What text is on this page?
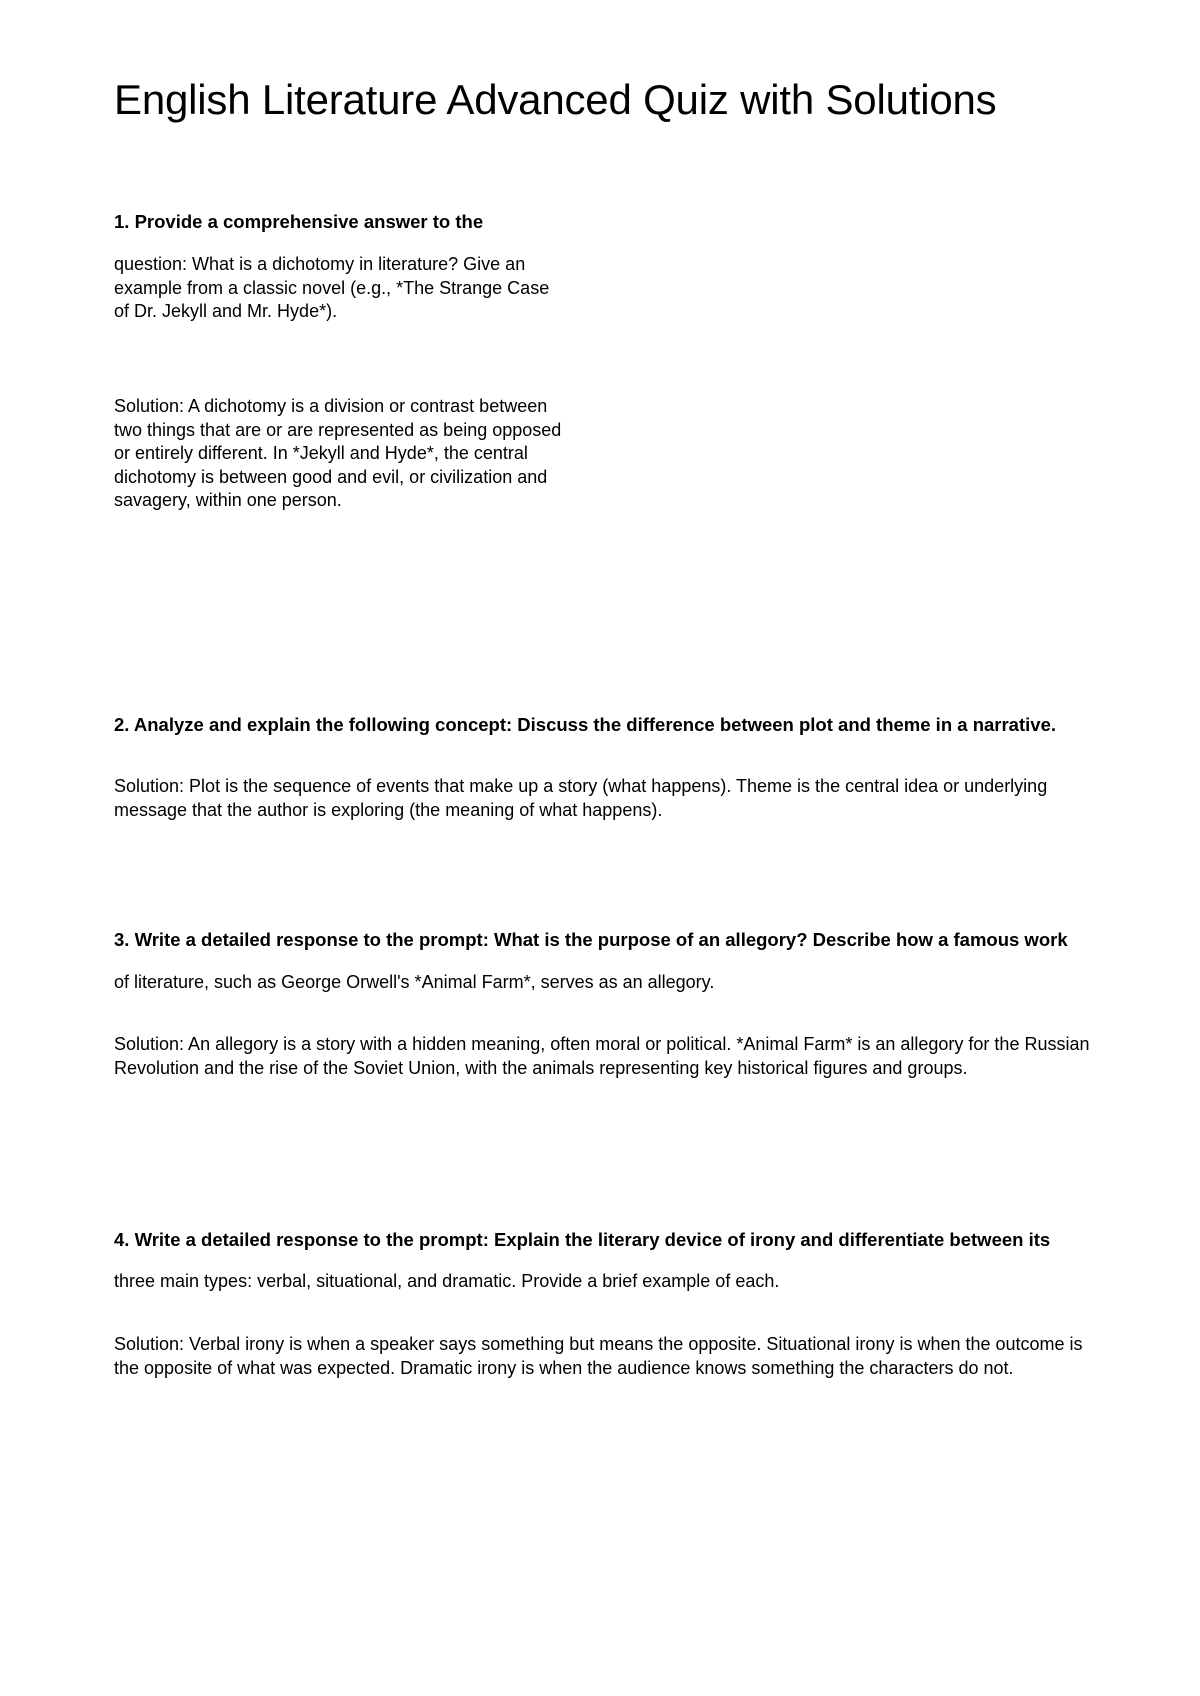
English Literature Advanced Quiz with Solutions
1. Provide a comprehensive answer to the

question: What is a dichotomy in literature? Give an example from a classic novel (e.g., *The Strange Case of Dr. Jekyll and Mr. Hyde*).

Solution: A dichotomy is a division or contrast between two things that are or are represented as being opposed or entirely different. In *Jekyll and Hyde*, the central dichotomy is between good and evil, or civilization and savagery, within one person.

2. Analyze and explain the following concept: Discuss the difference between plot and theme in a narrative.

Solution: Plot is the sequence of events that make up a story (what happens). Theme is the central idea or underlying message that the author is exploring (the meaning of what happens).

3. Write a detailed response to the prompt: What is the purpose of an allegory? Describe how a famous work

of literature, such as George Orwell's *Animal Farm*, serves as an allegory.

Solution: An allegory is a story with a hidden meaning, often moral or political. *Animal Farm* is an allegory for the Russian Revolution and the rise of the Soviet Union, with the animals representing key historical figures and groups.

4. Write a detailed response to the prompt: Explain the literary device of irony and differentiate between its

three main types: verbal, situational, and dramatic. Provide a brief example of each.

Solution: Verbal irony is when a speaker says something but means the opposite. Situational irony is when the outcome is the opposite of what was expected. Dramatic irony is when the audience knows something the characters do not.
